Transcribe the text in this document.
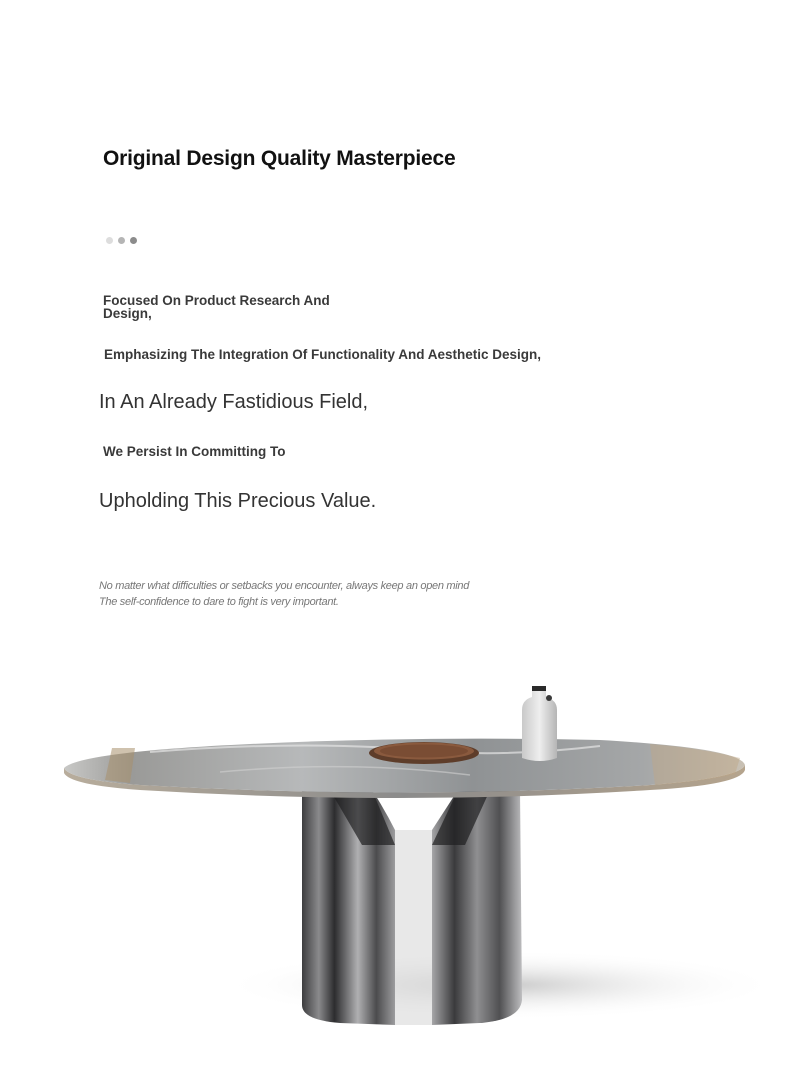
Original Design Quality Masterpiece

Focused On Product Research And Design,

Emphasizing The Integration Of Functionality And Aesthetic Design,

In An Already Fastidious Field,

We Persist In Committing To

Upholding This Precious Value.

No matter what difficulties or setbacks you encounter, always keep an open mind

The self-confidence to dare to fight is very important.
